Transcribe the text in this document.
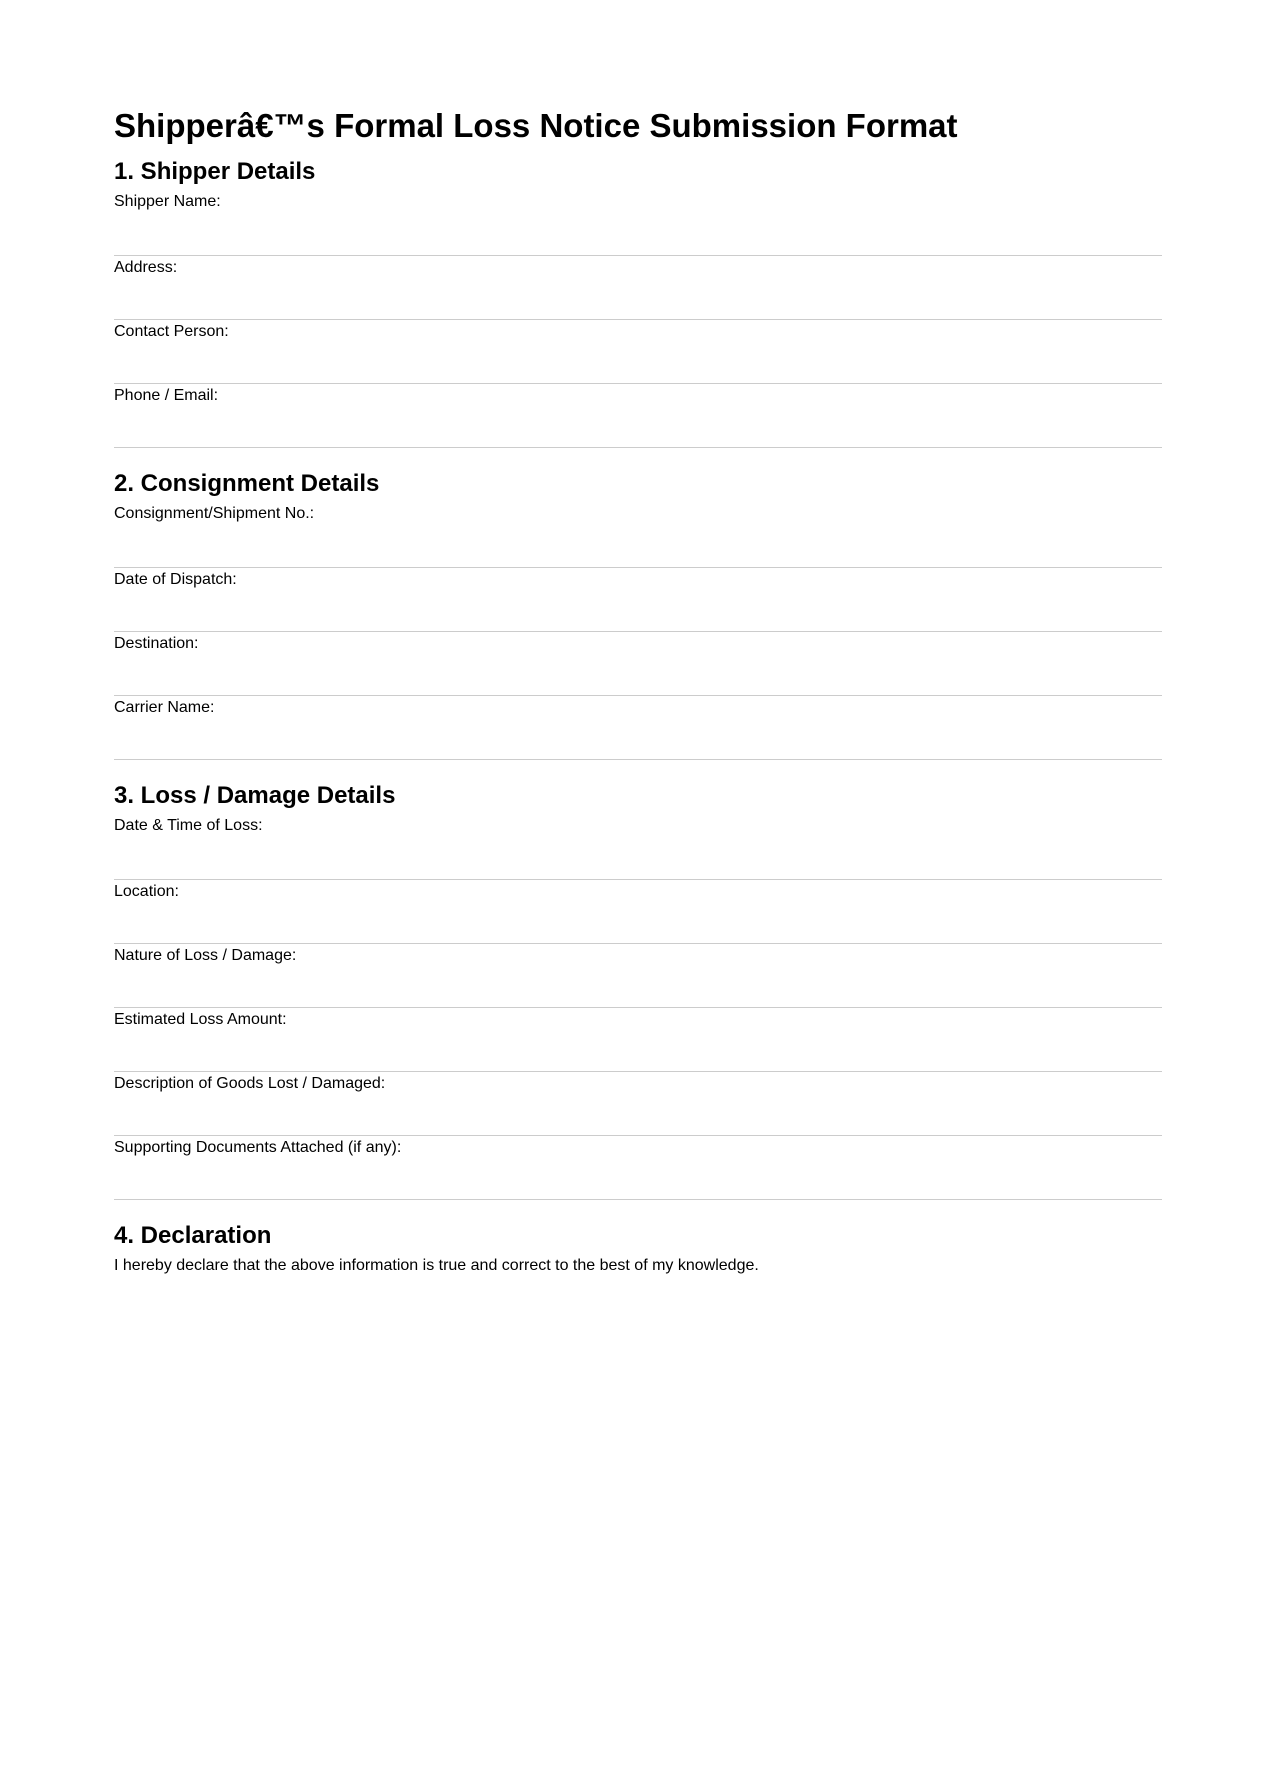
Shipperâ€™s Formal Loss Notice Submission Format
1. Shipper Details
Shipper Name:
Address:
Contact Person:
Phone / Email:
2. Consignment Details
Consignment/Shipment No.:
Date of Dispatch:
Destination:
Carrier Name:
3. Loss / Damage Details
Date & Time of Loss:
Location:
Nature of Loss / Damage:
Estimated Loss Amount:
Description of Goods Lost / Damaged:
Supporting Documents Attached (if any):
4. Declaration

I hereby declare that the above information is true and correct to the best of my knowledge.
